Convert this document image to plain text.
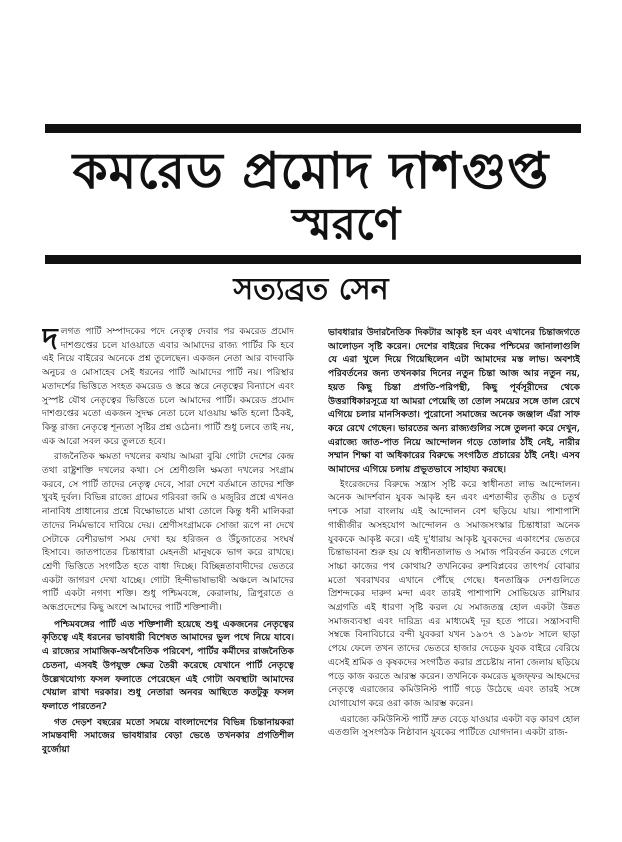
কমরেড প্রমোদ দাশগুপ্ত
স্মরণে
সত্যব্রত সেন

দলগত পার্টি সম্পাদকের পদে নেতৃত্ব দেবার পর কমরেড প্রমোদ দাশগুপ্তের চলে যাওয়াতে এবার আমাদের রাজ্য পার্টির কি হবে এই নিয়ে বাইরের অনেকে প্রশ্ন তুলেছেন। একজন নেতা আর বাদবাকি অনুচর ও মোসাহেব সেই ধরনের পার্টি আমাদের পার্টি নয়। পরিস্থার মতাদর্শের ভিত্তিতে সংহত কমরেড ও স্তরে স্তরে নেতৃত্বের বিন্যাসে এবং সুস্পষ্ট যৌথ নেতৃত্বের ভিত্তিতে চলে আমাদের পার্টি। কমরেড প্রমোদ দাশগুপ্তের মতো একজন সুদক্ষ নেতা চলে যাওয়ায় ক্ষতি হলো ঠিকই, কিন্তু রাজ্য নেতৃত্বে শূন্যতা সৃষ্টির প্রশ্ন ওঠেনা। পার্টি শুধু চলবে তাই নয়, এক আরো সবল করে তুলতে হবে।

রাজনৈতিক ক্ষমতা দখলের কথায় আমরা বুঝি গোটা দেশের কেন্দ্র তথা রাষ্ট্রশক্তি দখলের কথা। সে শ্রেণীগুলি ক্ষমতা দখলের সংগ্রাম করবে, সে পার্টি তাদের নেতৃত্ব দেবে, সারা দেশে বর্তমানে তাদের শক্তি খুবই দুর্বল। বিভিন্ন রাজ্যে গ্রামের গরিবরা জমি ও মজুরির প্রশ্নে এখনও নানাবিধ প্রাধান্যের প্রশ্নে বিক্ষোভাতে মাথা তোলে কিন্তু ধনী মালিকরা তাদের নির্মমভাবে দাবিয়ে দেয়। শ্রেণীসংগ্রামকে সোজা রূপে না দেখে সেটাকে বেশীরভাগ সময় দেখা হয় হরিজন ও উঁচুজাতের সংঘর্ষ হিসাবে। জাতপাতের চিন্তাধারা মেহনতী মানুষকে ভাগ করে রাখছে। শ্রেণী ভিত্তিতে সংগঠিত হতে বাধা দিচ্ছে। বিচ্ছিন্নতাবাদীদের ভেতরে একটা জাগরণ দেখা যাচ্ছে। গোটা হিন্দীভাষাভাষী অঞ্চলে আমাদের পার্টি একটা নগণ্য শক্তি। শুধু পশ্চিমবঙ্গে, কেরালায়, ত্রিপুরাতে ও অন্ধপ্রদেশের কিছু অংশে আমাদের পার্টি শক্তিশালী।

পশ্চিমবঙ্গের পার্টি এত শক্তিশালী হয়েছে শুধু একজনের নেতৃত্বের কৃতিত্বে এই ধরনের ভাবধারী বিশেষত আমাদের ভুল পথে নিয়ে যাবে। এ রাজ্যের সামাজিক-অর্থনৈতিক পরিবেশ, পার্টির কর্মীদের রাজনৈতিক চেতনা, এসবই উপযুক্ত ক্ষেত্র তৈরী করেছে যেখানে পার্টি নেতৃত্বে উল্লেখযোগ্য ফসল ফলাতে পেরেছেন এই গোটা অবস্থাটা আমাদের খেয়াল রাখা দরকার। শুধু নেতারা অনবর আছিতে কতটুকু ফসল ফলাতে পারতেন?

গত দেড়শ বছরের মতো সময়ে বাংলাদেশের বিভিন্ন চিন্তানায়করা সামন্তবাদী সমাজের ভাবধারার বেড়া ভেঙে তখনকার প্রগতিশীল বুর্জোয়া

ভাবধারার উদারনৈতিক দিকটার আকৃষ্ট হন এবং এখানের চিন্তাজগতে আলোড়ন সৃষ্টি করেন। দেশের বাইরের দিকের পশ্চিমের জানালাগুলি যে এরা খুলে দিয়ে গিয়েছিলেন এটা আমাদের মস্ত লাভ। অবশ্যই পরিবর্তনের জন্য তখনকার দিনের নতুন চিন্তা আজ আর নতুন নয়, হয়ত কিছু চিন্তা প্রগতি-পরিপন্থী, কিছু পূর্বসূরীদের থেকে উত্তরাধিকারসূত্রে যা আমরা পেয়েছি তা তোল সময়ের সঙ্গে তাল রেখে এগিয়ে চলার মানসিকতা। পুরোনো সমাজের অনেক জঞ্জাল এঁরা সাফ করে রেখে গেছেন। ভারতের অন্য রাজ্যগুলির সঙ্গে তুলনা করে দেখুন, এরাজ্যে জাত-পাত নিয়ে আন্দোলন গড়ে তোলার ঠাঁই নেই, নারীর সম্মান শিক্ষা বা অধিকারের বিরুদ্ধে সংগঠিত প্রচারের ঠাঁই নেই। এসব আমাদের এগিয়ে চলায় প্রভূতভাবে সাহায্য করছে।

ইংরেজদের বিরুদ্ধে সন্ত্রাস সৃষ্টি করে স্বাধীনতা লাভ আন্দোলন। অনেক আদর্শবান যুবক আকৃষ্ট হন এবং এশতাব্দীর তৃতীয় ও চতুর্থ দশকে সারা বাংলায় এই আন্দোলন বেশ ছড়িয়ে যায়। পাশাপাশি গান্ধীজীর অসহযোগ আন্দোলন ও সমাজসংস্কার চিন্তাধারা অনেক যুবককে আকৃষ্ট করে। এই দু'ধারায় আকৃষ্ট যুবকদের একাংশের ভেতরে চিন্তাভাবনা শুরু হয় যে স্বাধীনতালাভ ও সমাজ পরিবর্তন করতে গেলে সাচ্চা কাজের পথ কোথায়? তখনিকের রুশবিপ্লবের তাৎপর্য বোঝার মতো খবরাখবর এখানে পৌঁছে গেছে। ধনতান্ত্রিক দেশগুলিতে প্রিশন্দকের দারুণ মন্দা এবং তারই পাশাপাশি সোভিয়েত রাশিয়ার অগ্রগতি এই ধারণা সৃষ্টি করল যে সমাজতন্ত্র হোল একটা উন্নত সমাজব্যবস্থা এবং দারিদ্র্য এর মাধ্যমেই দূর হতে পারে। সন্ত্রাসবাদী সম্বন্ধে বিনাবিচারে বন্দী যুবকরা যখন ১৯৩৭ ও ১৯৩৮ সালে ছাড়া পেয়ে ফেলে তখন তাদের ভেতরে হাজার দেড়েক যুবক বাইরে বেরিয়ে এসেই শ্রমিক ও কৃষকদের সংগঠিত করার প্রচেষ্টায় নানা জেলায় ছড়িয়ে পড়ে কাজ করতে আরম্ভ করেন। তখনিকে কমরেড মুজফ্ফর আহমদের নেতৃত্বে এরাজ্যের কমিউনিস্ট পার্টি গড়ে উঠেছে এবং তারই সঙ্গে যোগাযোগ করে ওরা কাজ আরম্ভ করেন।

এরাজ্যে কমিউনিস্ট পার্টি দ্রুত বেড়ে যাওয়ার একটা বড় কারণ হোল এতগুলি সুসংগঠক নিষ্ঠাবান যুবকের পার্টিতে যোগদান। একটা রাজ-
